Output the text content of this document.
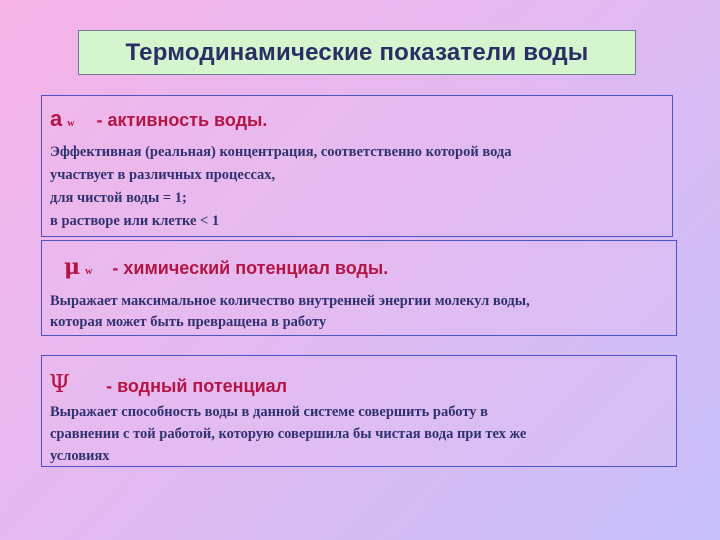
Термодинамические показатели воды
a w - активность воды.
Эффективная (реальная) концентрация, соответственно которой вода
участвует в различных процессах,
для чистой воды = 1;
в растворе или клетке < 1
μ w - химический потенциал воды.
Выражает максимальное количество внутренней энергии молекул воды,
которая может быть превращена в работу
Ψ - водный потенциал
Выражает способность воды в данной системе совершить работу в
сравнении с той работой, которую совершила бы чистая вода при тех же
условиях
